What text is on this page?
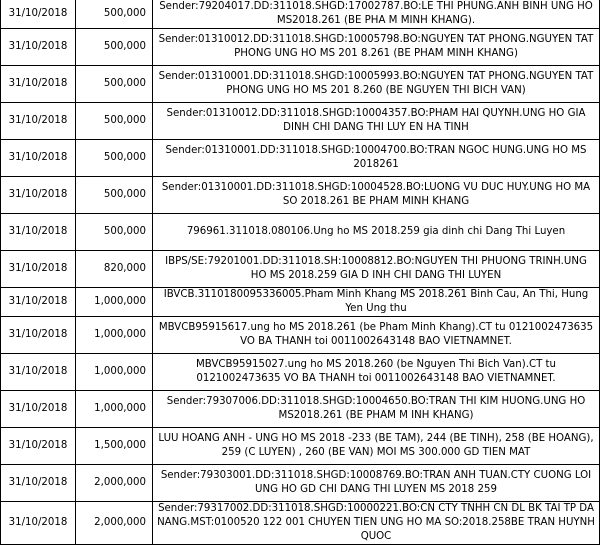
31/10/2018	500,000	Sender:79204017.DD:311018.SHGD:17002787.BO:LE THI PHUNG.ANH BINH UNG HO MS2018.261 (BE PHA M MINH KHANG).
31/10/2018	500,000	Sender:01310012.DD:311018.SHGD:10005798.BO:NGUYEN TAT PHONG.NGUYEN TAT PHONG UNG HO MS 201 8.261 (BE PHAM MINH KHANG)
31/10/2018	500,000	Sender:01310001.DD:311018.SHGD:10005993.BO:NGUYEN TAT PHONG.NGUYEN TAT PHONG UNG HO MS 201 8.260 (BE NGUYEN THI BICH VAN)
31/10/2018	500,000	Sender:01310012.DD:311018.SHGD:10004357.BO:PHAM HAI QUYNH.UNG HO GIA DINH CHI DANG THI LUY EN HA TINH
31/10/2018	500,000	Sender:01310001.DD:311018.SHGD:10004700.BO:TRAN NGOC HUNG.UNG HO MS 2018261
31/10/2018	500,000	Sender:01310001.DD:311018.SHGD:10004528.BO:LUONG VU DUC HUY.UNG HO MA SO 2018.261 BE PHAM MINH KHANG
31/10/2018	500,000	796961.311018.080106.Ung ho MS 2018.259 gia dinh chi Dang Thi Luyen
31/10/2018	820,000	IBPS/SE:79201001.DD:311018.SH:10008812.BO:NGUYEN THI PHUONG TRINH.UNG HO MS 2018.259 GIA D INH CHI DANG THI LUYEN
31/10/2018	1,000,000	IBVCB.3110180095336005.Pham Minh Khang MS 2018.261 Binh Cau, An Thi, Hung Yen Ung thu
31/10/2018	1,000,000	MBVCB95915617.ung ho MS 2018.261 (be Pham Minh Khang).CT tu 0121002473635 VO BA THANH toi 0011002643148 BAO VIETNAMNET.
31/10/2018	1,000,000	MBVCB95915027.ung ho MS 2018.260 (be Nguyen Thi Bich Van).CT tu 0121002473635 VO BA THANH toi 0011002643148 BAO VIETNAMNET.
31/10/2018	1,000,000	Sender:79307006.DD:311018.SHGD:10004650.BO:TRAN THI KIM HUONG.UNG HO MS2018.261 (BE PHAM M INH KHANG)
31/10/2018	1,500,000	LUU HOANG ANH - UNG HO MS 2018 -233 (BE TAM), 244 (BE TINH), 258 (BE HOANG), 259 (C LUYEN) , 260 (BE VAN) MOI MS 300.000 GD TIEN MAT
31/10/2018	2,000,000	Sender:79303001.DD:311018.SHGD:10008769.BO:TRAN ANH TUAN.CTY CUONG LOI UNG HO GD CHI DANG THI LUYEN MS 2018 259
31/10/2018	2,000,000	Sender:79317002.DD:311018.SHGD:10000221.BO:CN CTY TNHH CN DL BK TAI TP DA NANG.MST:0100520 122 001 CHUYEN TIEN UNG HO MA SO:2018.258BE TRAN HUYNH QUOC
